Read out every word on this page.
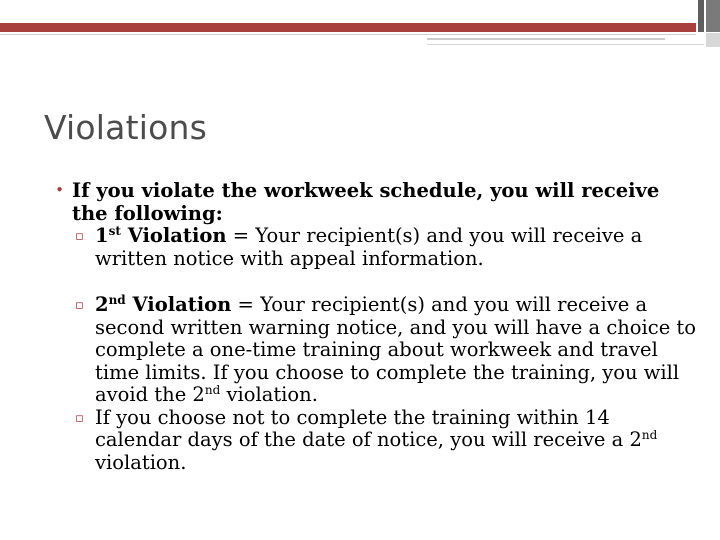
Violations
• If you violate the workweek schedule, you will receive the following:
▫ 1st Violation = Your recipient(s) and you will receive a written notice with appeal information.
▫ 2nd Violation = Your recipient(s) and you will receive a second written warning notice, and you will have a choice to complete a one-time training about workweek and travel time limits. If you choose to complete the training, you will avoid the 2nd violation.
▫ If you choose not to complete the training within 14 calendar days of the date of notice, you will receive a 2nd violation.
